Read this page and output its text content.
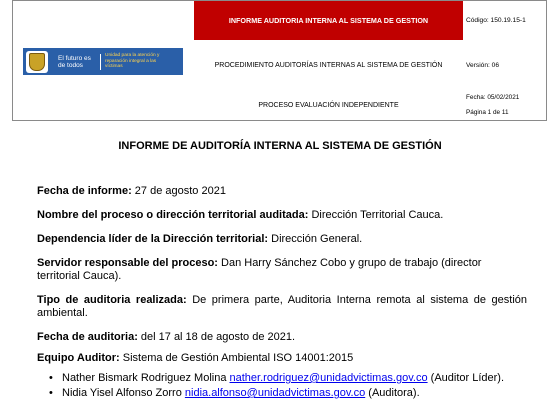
El futuro es de todos
Unidad para la atención y reparación integral a las víctimas
INFORME AUDITORIA INTERNA AL SISTEMA DE GESTION	Código: 150.19.15-1
PROCEDIMIENTO AUDITORÍAS INTERNAS AL SISTEMA DE GESTIÓN	Versión: 06
PROCESO EVALUACIÓN INDEPENDIENTE
Fecha: 05/02/2021
Página 1 de 11
INFORME DE AUDITORÍA INTERNA AL SISTEMA DE GESTIÓN
Fecha de informe: 27 de agosto 2021
Nombre del proceso o dirección territorial auditada: Dirección Territorial Cauca.
Dependencia líder de la Dirección territorial: Dirección General.
Servidor responsable del proceso: Dan Harry Sánchez Cobo y grupo de trabajo (director territorial Cauca).
Tipo de auditoria realizada: De primera parte, Auditoria Interna remota al sistema de gestión ambiental.
Fecha de auditoria: del 17 al 18 de agosto de 2021.
Equipo Auditor: Sistema de Gestión Ambiental ISO 14001:2015
• Nather Bismark Rodriguez Molina nather.rodriguez@unidadvictimas.gov.co (Auditor Líder).
• Nidia Yisel Alfonso Zorro nidia.alfonso@unidadvictimas.gov.co (Auditora).
